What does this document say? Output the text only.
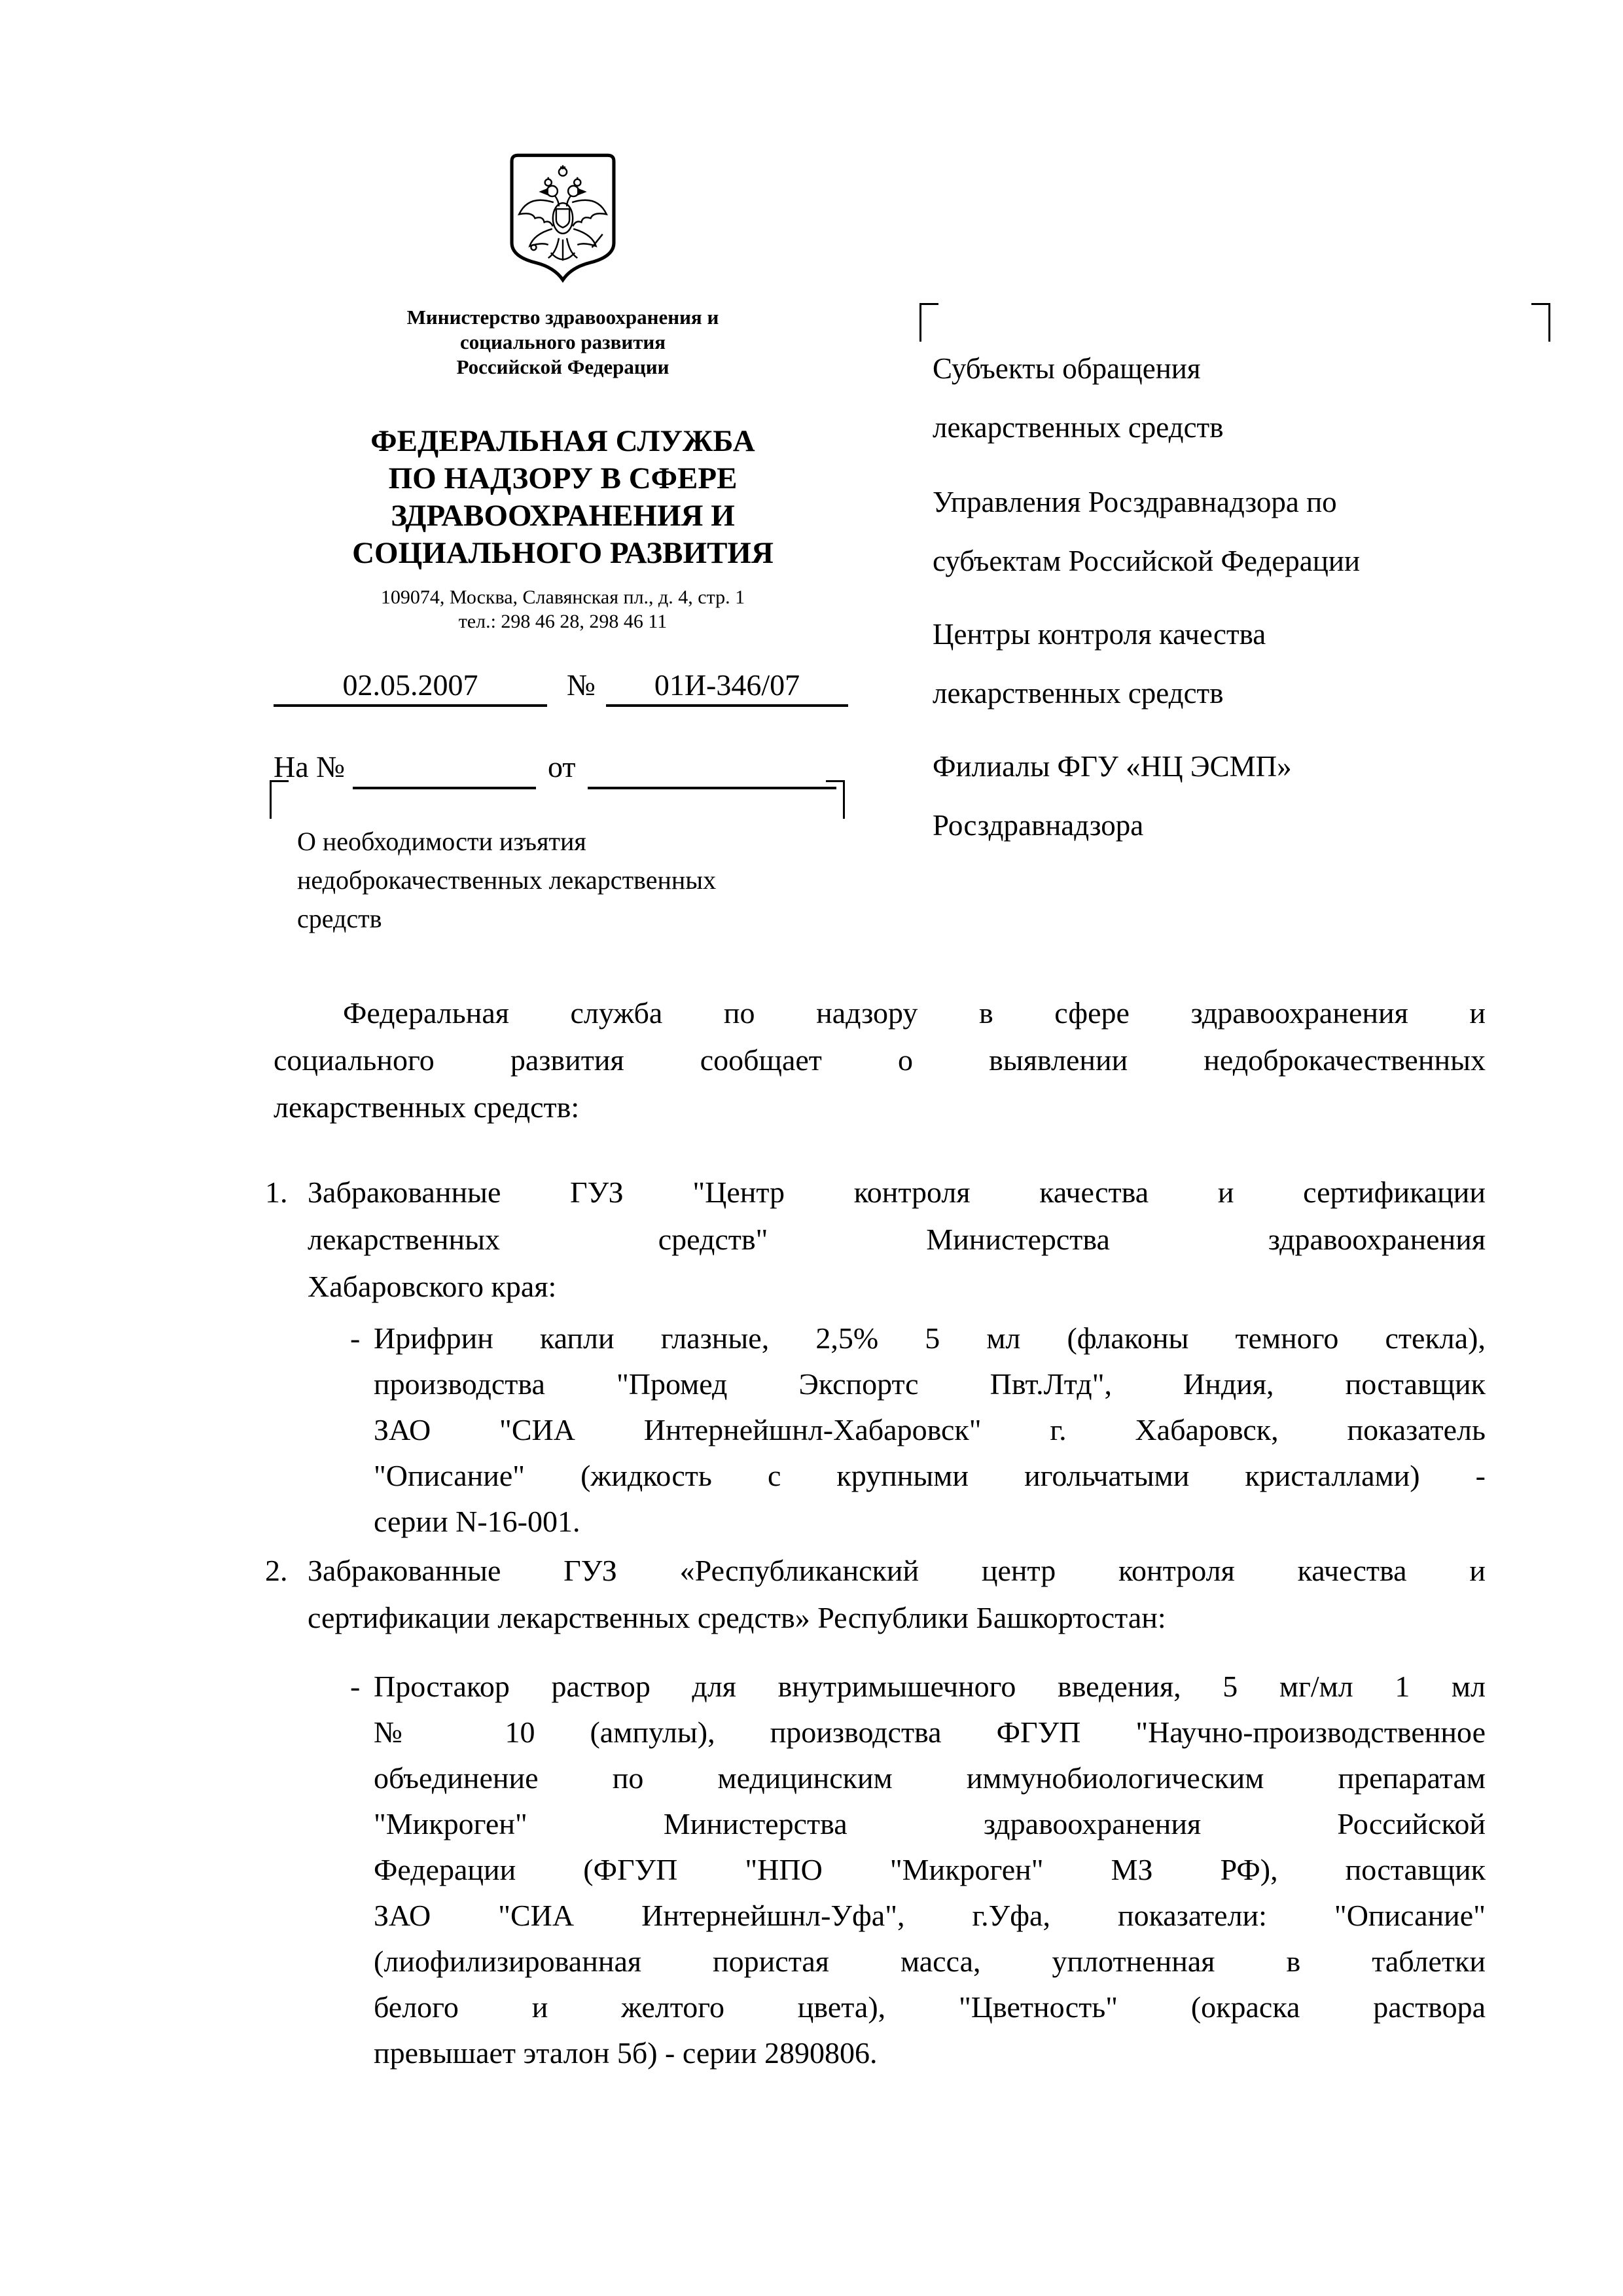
Министерство здравоохранения и
социального развития
Российской Федерации
ФЕДЕРАЛЬНАЯ СЛУЖБА
ПО НАДЗОРУ В СФЕРЕ
ЗДРАВООХРАНЕНИЯ И
СОЦИАЛЬНОГО РАЗВИТИЯ
109074, Москва, Славянская пл., д. 4, стр. 1
тел.: 298 46 28, 298 46 11
02.05.2007	№	01И-346/07
На №	от
О необходимости изъятия
недоброкачественных лекарственных
средств
Субъекты обращения
лекарственных средств
Управления Росздравнадзора по
субъектам Российской Федерации
Центры контроля качества
лекарственных средств
Филиалы ФГУ «НЦ ЭСМП»
Росздравнадзора
Федеральная служба по надзору в сфере здравоохранения и
социального развития сообщает о выявлении недоброкачественных
лекарственных средств:
1. Забракованные ГУЗ "Центр контроля качества и сертификации
лекарственных средств" Министерства здравоохранения
Хабаровского края:
- Ирифрин капли глазные, 2,5% 5 мл (флаконы темного стекла),
производства "Промед Экспортс Пвт.Лтд", Индия, поставщик
ЗАО "СИА Интернейшнл-Хабаровск" г. Хабаровск, показатель
"Описание" (жидкость с крупными игольчатыми кристаллами) -
серии N-16-001.
2. Забракованные ГУЗ «Республиканский центр контроля качества и
сертификации лекарственных средств» Республики Башкортостан:
- Простакор раствор для внутримышечного введения, 5 мг/мл 1 мл
№ 10 (ампулы), производства ФГУП "Научно-производственное
объединение по медицинским иммунобиологическим препаратам
"Микроген" Министерства здравоохранения Российской
Федерации (ФГУП "НПО "Микроген" МЗ РФ), поставщик
ЗАО "СИА Интернейшнл-Уфа", г.Уфа, показатели: "Описание"
(лиофилизированная пористая масса, уплотненная в таблетки
белого и желтого цвета), "Цветность" (окраска раствора
превышает эталон 5б) - серии 2890806.
